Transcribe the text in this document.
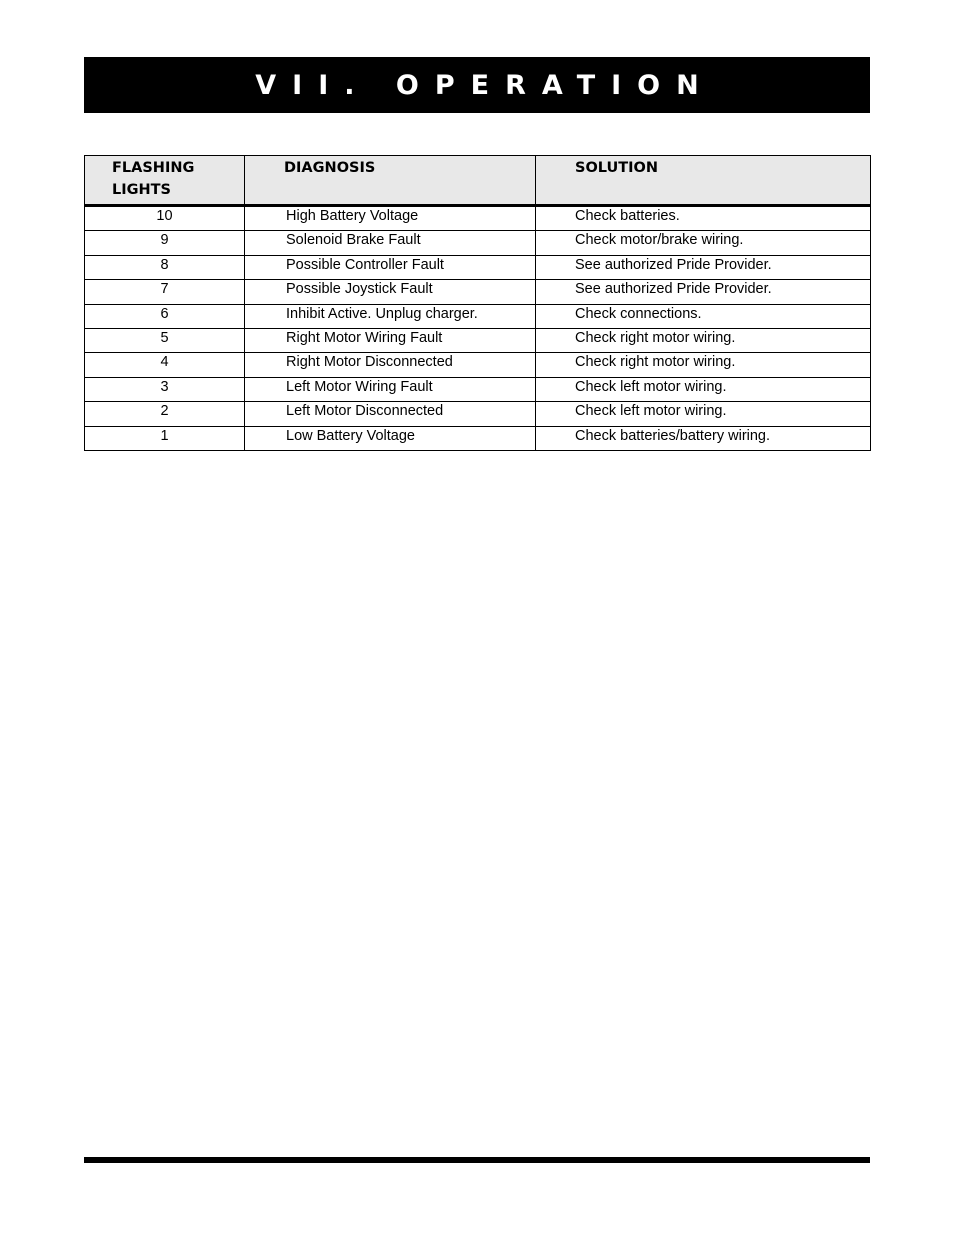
VII. OPERATION
FLASHING
LIGHTS	DIAGNOSIS	SOLUTION
10	High Battery Voltage	Check batteries.
9	Solenoid Brake Fault	Check motor/brake wiring.
8	Possible Controller Fault	See authorized Pride Provider.
7	Possible Joystick Fault	See authorized Pride Provider.
6	Inhibit Active. Unplug charger.	Check connections.
5	Right Motor Wiring Fault	Check right motor wiring.
4	Right Motor Disconnected	Check right motor wiring.
3	Left Motor Wiring Fault	Check left motor wiring.
2	Left Motor Disconnected	Check left motor wiring.
1	Low Battery Voltage	Check batteries/battery wiring.
